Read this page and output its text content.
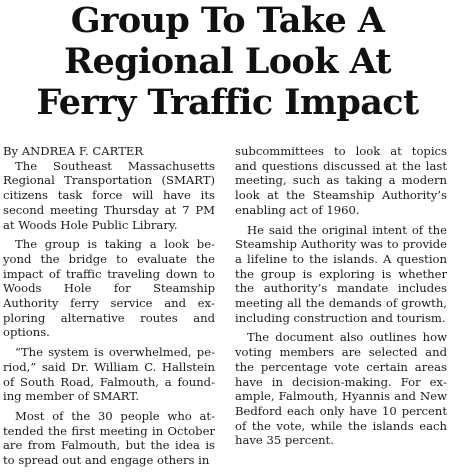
Group To Take A
Regional Look At
Ferry Traffic Impact

By ANDREA F. CARTER

The Southeast Massachusetts Regional Transportation (SMART) citizens task force will have its second meeting Thursday at 7 PM at Woods Hole Public Library.

The group is taking a look beyond the bridge to evaluate the impact of traffic traveling down to Woods Hole for Steamship Authority ferry service and exploring alternative routes and options.

“The system is overwhelmed, period,” said Dr. William C. Hallstein of South Road, Falmouth, a founding member of SMART.

Most of the 30 people who attended the first meeting in October are from Falmouth, but the idea is to spread out and engage others in

subcommittees to look at topics and questions discussed at the last meeting, such as taking a modern look at the Steamship Authority’s enabling act of 1960.

He said the original intent of the Steamship Authority was to provide a lifeline to the islands. A question the group is exploring is whether the authority’s mandate includes meeting all the demands of growth, including construction and tourism.

The document also outlines how voting members are selected and the percentage vote certain areas have in decision-making. For example, Falmouth, Hyannis and New Bedford each only have 10 percent of the vote, while the islands each have 35 percent.
